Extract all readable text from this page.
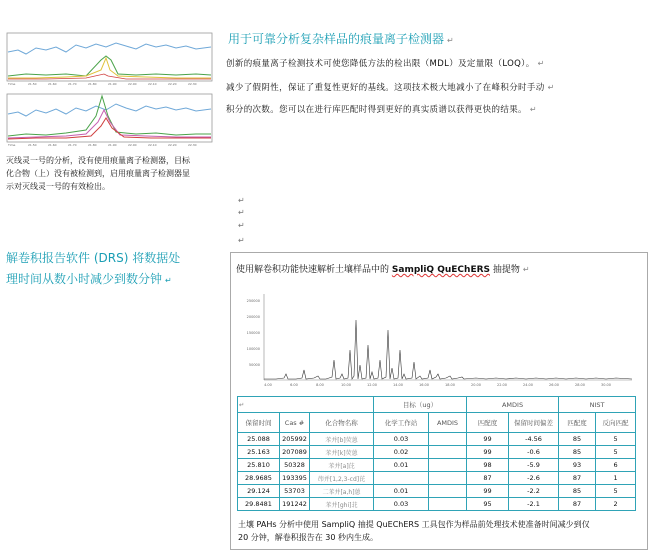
Time	21.50	21.60	21.70	21.80	21.90	22.00	22.10	22.20	22.30
Time	21.50	21.60	21.70	21.80	21.90	22.00	22.10	22.20	22.30
用于可靠分析复杂样品的痕量离子检测器 ↵
创新的痕量离子检测技术可使您降低方法的检出限（MDL）及定量限（LOQ）。 ↵
减少了假阴性，保证了重复性更好的基线。这项技术极大地减小了在峰积分时手动 ↵
积分的次数。您可以在进行库匹配时得到更好的真实质谱以获得更快的结果。 ↵
灭线灵一号的分析，没有使用痕量离子检测器，目标
化合物（上）没有被检测到，启用痕量离子检测器显
示对灭线灵一号的有效检出。
↵
↵
↵
↵
解卷积报告软件 (DRS) 将数据处
理时间从数小时减少到数分钟 ↵
使用解卷积功能快速解析土壤样品中的 SampliQ QuEChERS 抽提物 ↵
250000
200000
150000
100000
50000
4.00	6.00	8.00	10.00	12.00	14.00	16.00	18.00	20.00	22.00	24.00	26.00	28.00	30.00
↵			目标（ug）		AMDIS		NIST	
保留时间	Cas #	化合物名称	化学工作站	AMDIS	匹配度	保留时间偏差	匹配度	反向匹配
25.088	205992	苯并[b]荧蒽	0.03		99	-4.56	85	5
25.163	207089	苯并[k]荧蒽	0.02		99	-0.6	85	5
25.810	50328	苯并[a]芘	0.01		98	-5.9	93	6
28.9685	193395	茚并[1,2,3-cd]芘			87	-2.6	87	1
29.124	53703	二苯并[a,h]蒽	0.01		99	-2.2	85	5
29.8481	191242	苯并[ghi]苝	0.03		95	-2.1	87	2
土壤 PAHs 分析中使用 SampliQ 抽提 QuEChERS 工具包作为样品前处理技术使准备时间减少到仅
20 分钟，解卷积报告在 30 秒内生成。
